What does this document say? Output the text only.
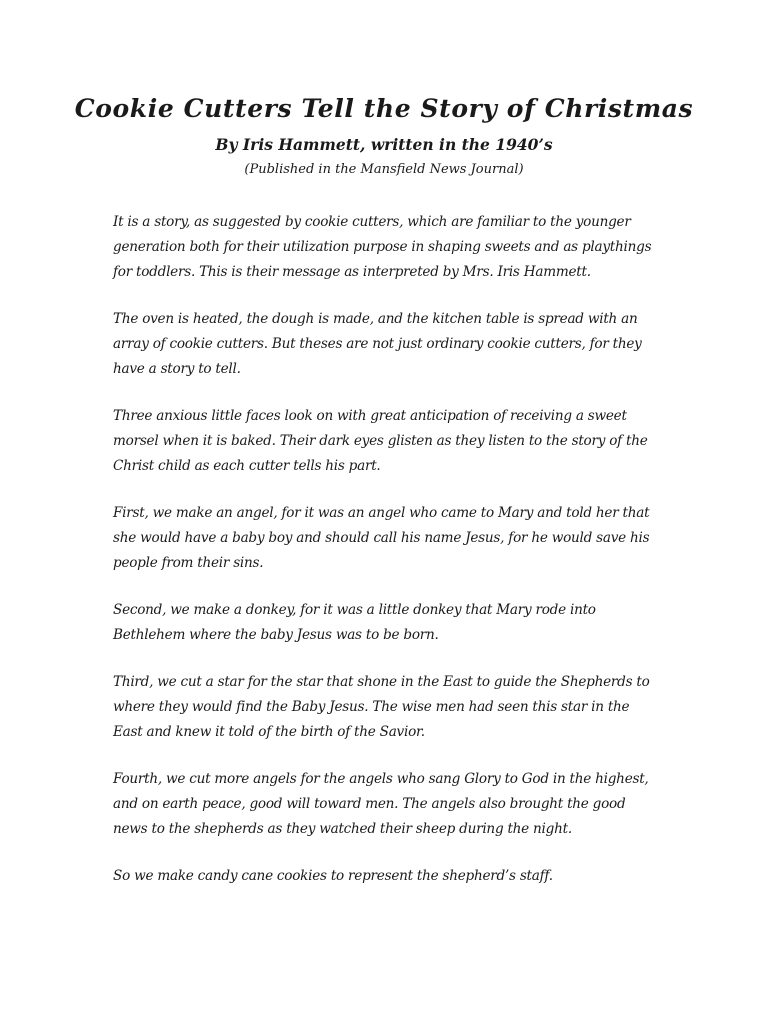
Cookie Cutters Tell the Story of Christmas
By Iris Hammett, written in the 1940’s
(Published in the Mansfield News Journal)

It is a story, as suggested by cookie cutters, which are familiar to the younger generation both for their utilization purpose in shaping sweets and as playthings for toddlers. This is their message as interpreted by Mrs. Iris Hammett.

The oven is heated, the dough is made, and the kitchen table is spread with an array of cookie cutters. But theses are not just ordinary cookie cutters, for they have a story to tell.

Three anxious little faces look on with great anticipation of receiving a sweet morsel when it is baked. Their dark eyes glisten as they listen to the story of the Christ child as each cutter tells his part.

First, we make an angel, for it was an angel who came to Mary and told her that she would have a baby boy and should call his name Jesus, for he would save his people from their sins.

Second, we make a donkey, for it was a little donkey that Mary rode into Bethlehem where the baby Jesus was to be born.

Third, we cut a star for the star that shone in the East to guide the Shepherds to where they would find the Baby Jesus. The wise men had seen this star in the East and knew it told of the birth of the Savior.

Fourth, we cut more angels for the angels who sang Glory to God in the highest, and on earth peace, good will toward men. The angels also brought the good news to the shepherds as they watched their sheep during the night.

So we make candy cane cookies to represent the shepherd’s staff.
